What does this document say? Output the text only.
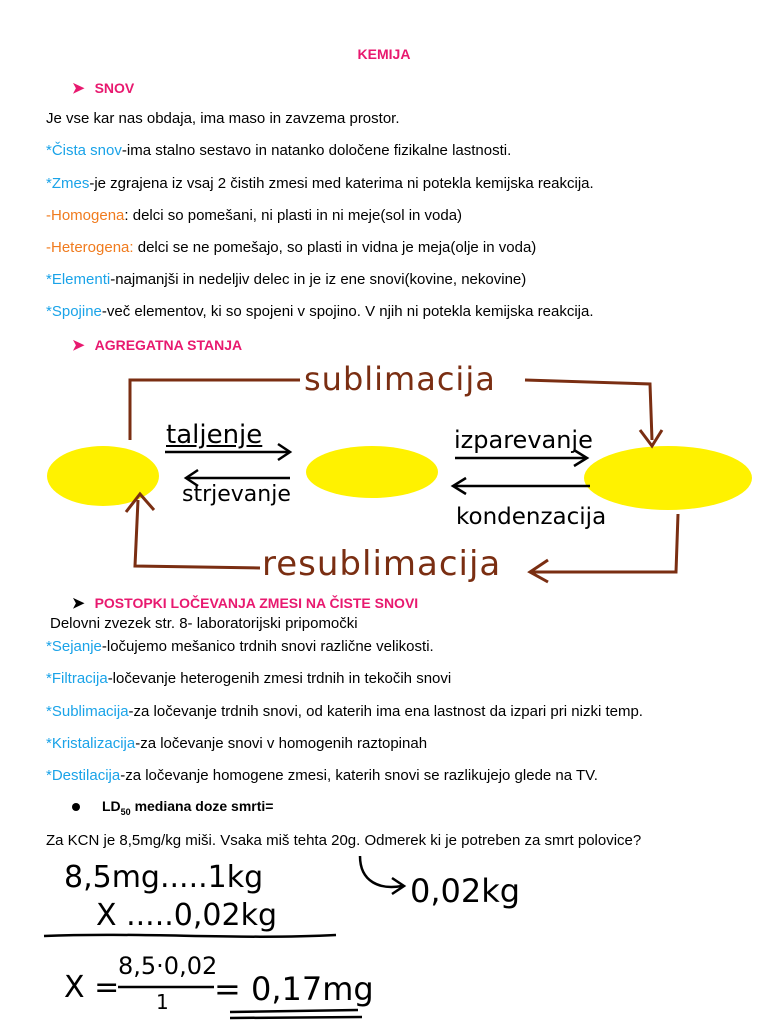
KEMIJA
➤ SNOV
Je vse kar nas obdaja, ima maso in zavzema prostor.
*Čista snov-ima stalno sestavo in natanko določene fizikalne lastnosti.
*Zmes-je zgrajena iz vsaj 2 čistih zmesi med katerima ni potekla kemijska reakcija.
-Homogena: delci so pomešani, ni plasti in ni meje(sol in voda)
-Heterogena: delci se ne pomešajo, so plasti in vidna je meja(olje in voda)
*Elementi-najmanjši in nedeljiv delec in je iz ene snovi(kovine, nekovine)
*Spojine-več elementov, ki so spojeni v spojino. V njih ni potekla kemijska reakcija.
➤ AGREGATNA STANJA
sublimacija
taljenje
strjevanje
izparevanje
kondenzacija
resublimacija
➤ POSTOPKI LOČEVANJA ZMESI NA ČISTE SNOVI
Delovni zvezek str. 8- laboratorijski pripomočki
*Sejanje-ločujemo mešanico trdnih snovi različne velikosti.
*Filtracija-ločevanje heterogenih zmesi trdnih in tekočih snovi
*Sublimacija-za ločevanje trdnih snovi, od katerih ima ena lastnost da izpari pri nizki temp.
*Kristalizacija-za ločevanje snovi v homogenih raztopinah
*Destilacija-za ločevanje homogene zmesi, katerih snovi se razlikujejo glede na TV.
$LD_{50}$ mediana doze smrti=
Za KCN je 8,5mg/kg miši. Vsaka miš tehta 20g. Odmerek ki je potreben za smrt polovice?
8,5mg.....1kg
X .....0,02kg
0,02kg
X =
8,5·0,02
1 = 0,17mg
